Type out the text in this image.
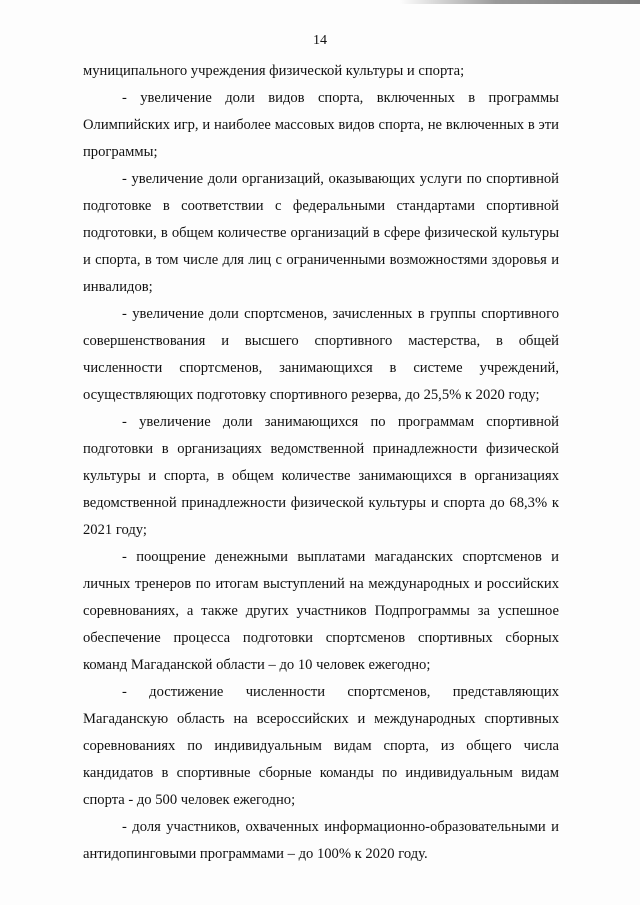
14

муниципального учреждения физической культуры и спорта;

- увеличение доли видов спорта, включенных в программы Олимпийских игр, и наиболее массовых видов спорта, не включенных в эти программы;

- увеличение доли организаций, оказывающих услуги по спортивной подготовке в соответствии с федеральными стандартами спортивной подготовки, в общем количестве организаций в сфере физической культуры и спорта, в том числе для лиц с ограниченными возможностями здоровья и инвалидов;

- увеличение доли спортсменов, зачисленных в группы спортивного совершенствования и высшего спортивного мастерства, в общей численности спортсменов, занимающихся в системе учреждений, осуществляющих подготовку спортивного резерва, до 25,5% к 2020 году;

- увеличение доли занимающихся по программам спортивной подготовки в организациях ведомственной принадлежности физической культуры и спорта, в общем количестве занимающихся в организациях ведомственной принадлежности физической культуры и спорта до 68,3% к 2021 году;

- поощрение денежными выплатами магаданских спортсменов и личных тренеров по итогам выступлений на международных и российских соревнованиях, а также других участников Подпрограммы за успешное обеспечение процесса подготовки спортсменов спортивных сборных команд Магаданской области – до 10 человек ежегодно;

- достижение численности спортсменов, представляющих Магаданскую область на всероссийских и международных спортивных соревнованиях по индивидуальным видам спорта, из общего числа кандидатов в спортивные сборные команды по индивидуальным видам спорта - до 500 человек ежегодно;

- доля участников, охваченных информационно-образовательными и антидопинговыми программами – до 100% к 2020 году.
